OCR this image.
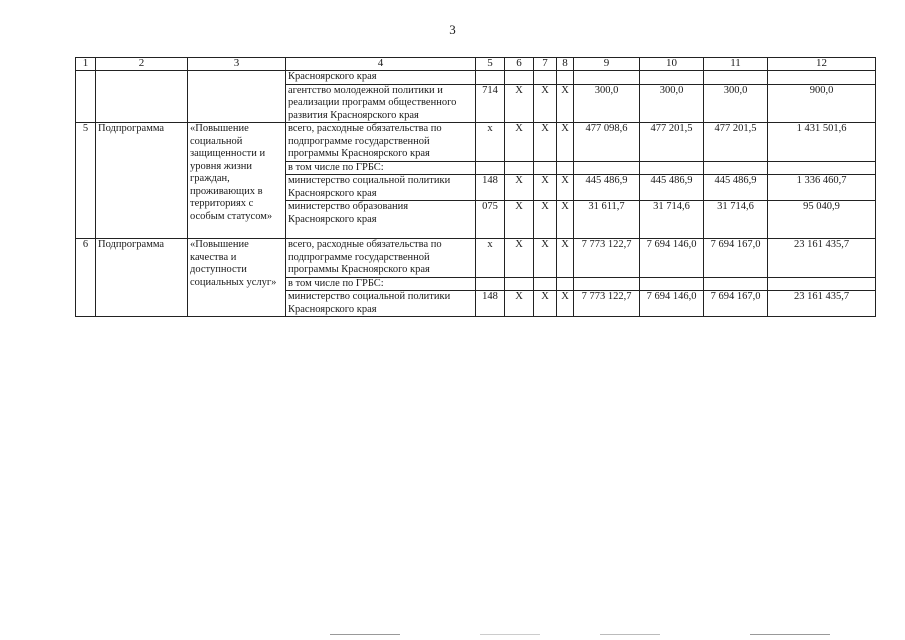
3
1	2	3	4	5	6	7	8	9	10	11	12
			Красноярского края								
			агентство молодежной политики и реализации программ общественного развития Красноярского края	714	X	X	X	300,0	300,0	300,0	900,0
5	Подпрограмма	«Повышение социальной защищенности и уровня жизни граждан, проживающих в территориях с особым статусом»	всего, расходные обязательства по подпрограмме государственной программы Красноярского края	x	X	X	X	477 098,6	477 201,5	477 201,5	1 431 501,6
			в том числе по ГРБС:								
			министерство социальной политики Красноярского края	148	X	X	X	445 486,9	445 486,9	445 486,9	1 336 460,7
			министерство образования Красноярского края	075	X	X	X	31 611,7	31 714,6	31 714,6	95 040,9
6	Подпрограмма	«Повышение качества и доступности социальных услуг»	всего, расходные обязательства по подпрограмме государственной программы Красноярского края	x	X	X	X	7 773 122,7	7 694 146,0	7 694 167,0	23 161 435,7
			в том числе по ГРБС:								
			министерство социальной политики Красноярского края	148	X	X	X	7 773 122,7	7 694 146,0	7 694 167,0	23 161 435,7
